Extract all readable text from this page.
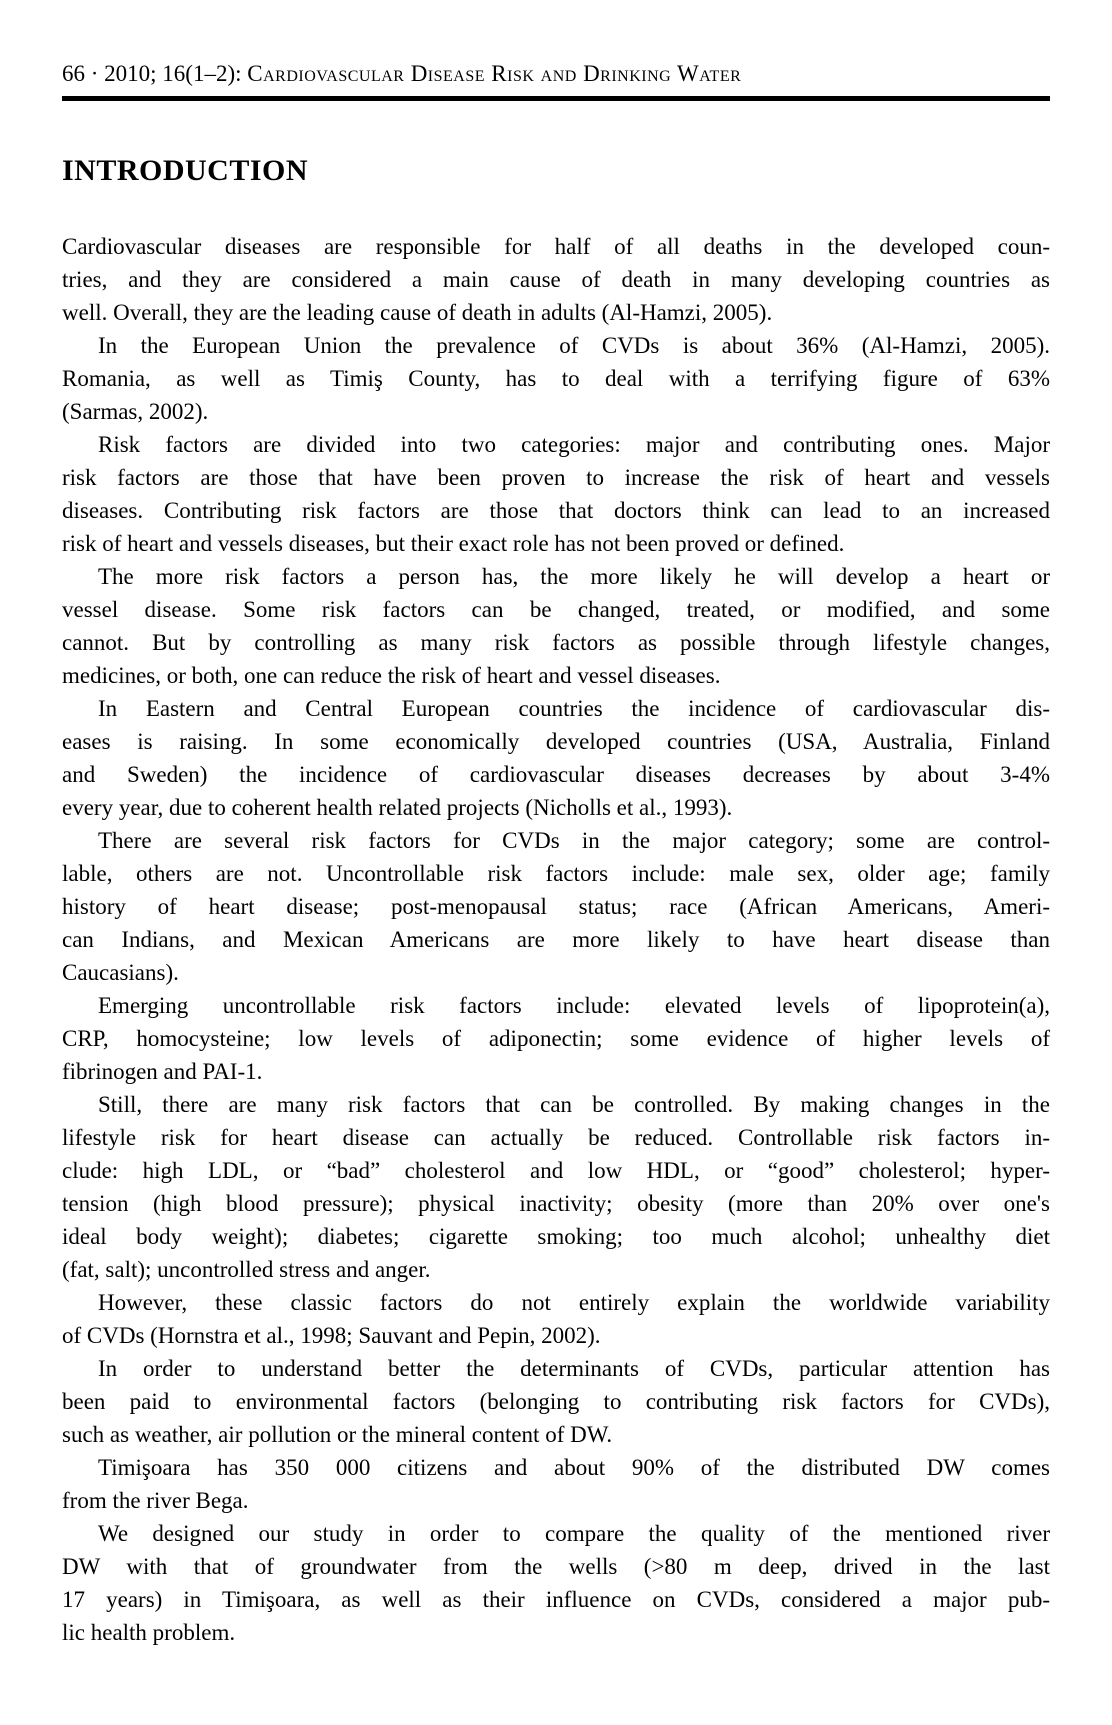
66 · 2010; 16(1–2): Cardiovascular Disease Risk and Drinking Water
INTRODUCTION
Cardiovascular diseases are responsible for half of all deaths in the developed coun-
tries, and they are considered a main cause of death in many developing countries as
well. Overall, they are the leading cause of death in adults (Al-Hamzi, 2005).
In the European Union the prevalence of CVDs is about 36% (Al-Hamzi, 2005).
Romania, as well as Timiş County, has to deal with a terrifying figure of 63%
(Sarmas, 2002).
Risk factors are divided into two categories: major and contributing ones. Major
risk factors are those that have been proven to increase the risk of heart and vessels
diseases. Contributing risk factors are those that doctors think can lead to an increased
risk of heart and vessels diseases, but their exact role has not been proved or defined.
The more risk factors a person has, the more likely he will develop a heart or
vessel disease. Some risk factors can be changed, treated, or modified, and some
cannot. But by controlling as many risk factors as possible through lifestyle changes,
medicines, or both, one can reduce the risk of heart and vessel diseases.
In Eastern and Central European countries the incidence of cardiovascular dis-
eases is raising. In some economically developed countries (USA, Australia, Finland
and Sweden) the incidence of cardiovascular diseases decreases by about 3-4%
every year, due to coherent health related projects (Nicholls et al., 1993).
There are several risk factors for CVDs in the major category; some are control-
lable, others are not. Uncontrollable risk factors include: male sex, older age; family
history of heart disease; post-menopausal status; race (African Americans, Ameri-
can Indians, and Mexican Americans are more likely to have heart disease than
Caucasians).
Emerging uncontrollable risk factors include: elevated levels of lipoprotein(a),
CRP, homocysteine; low levels of adiponectin; some evidence of higher levels of
fibrinogen and PAI-1.
Still, there are many risk factors that can be controlled. By making changes in the
lifestyle risk for heart disease can actually be reduced. Controllable risk factors in-
clude: high LDL, or “bad” cholesterol and low HDL, or “good” cholesterol; hyper-
tension (high blood pressure); physical inactivity; obesity (more than 20% over one's
ideal body weight); diabetes; cigarette smoking; too much alcohol; unhealthy diet
(fat, salt); uncontrolled stress and anger.
However, these classic factors do not entirely explain the worldwide variability
of CVDs (Hornstra et al., 1998; Sauvant and Pepin, 2002).
In order to understand better the determinants of CVDs, particular attention has
been paid to environmental factors (belonging to contributing risk factors for CVDs),
such as weather, air pollution or the mineral content of DW.
Timişoara has 350 000 citizens and about 90% of the distributed DW comes
from the river Bega.
We designed our study in order to compare the quality of the mentioned river
DW with that of groundwater from the wells (>80 m deep, drived in the last
17 years) in Timişoara, as well as their influence on CVDs, considered a major pub-
lic health problem.
